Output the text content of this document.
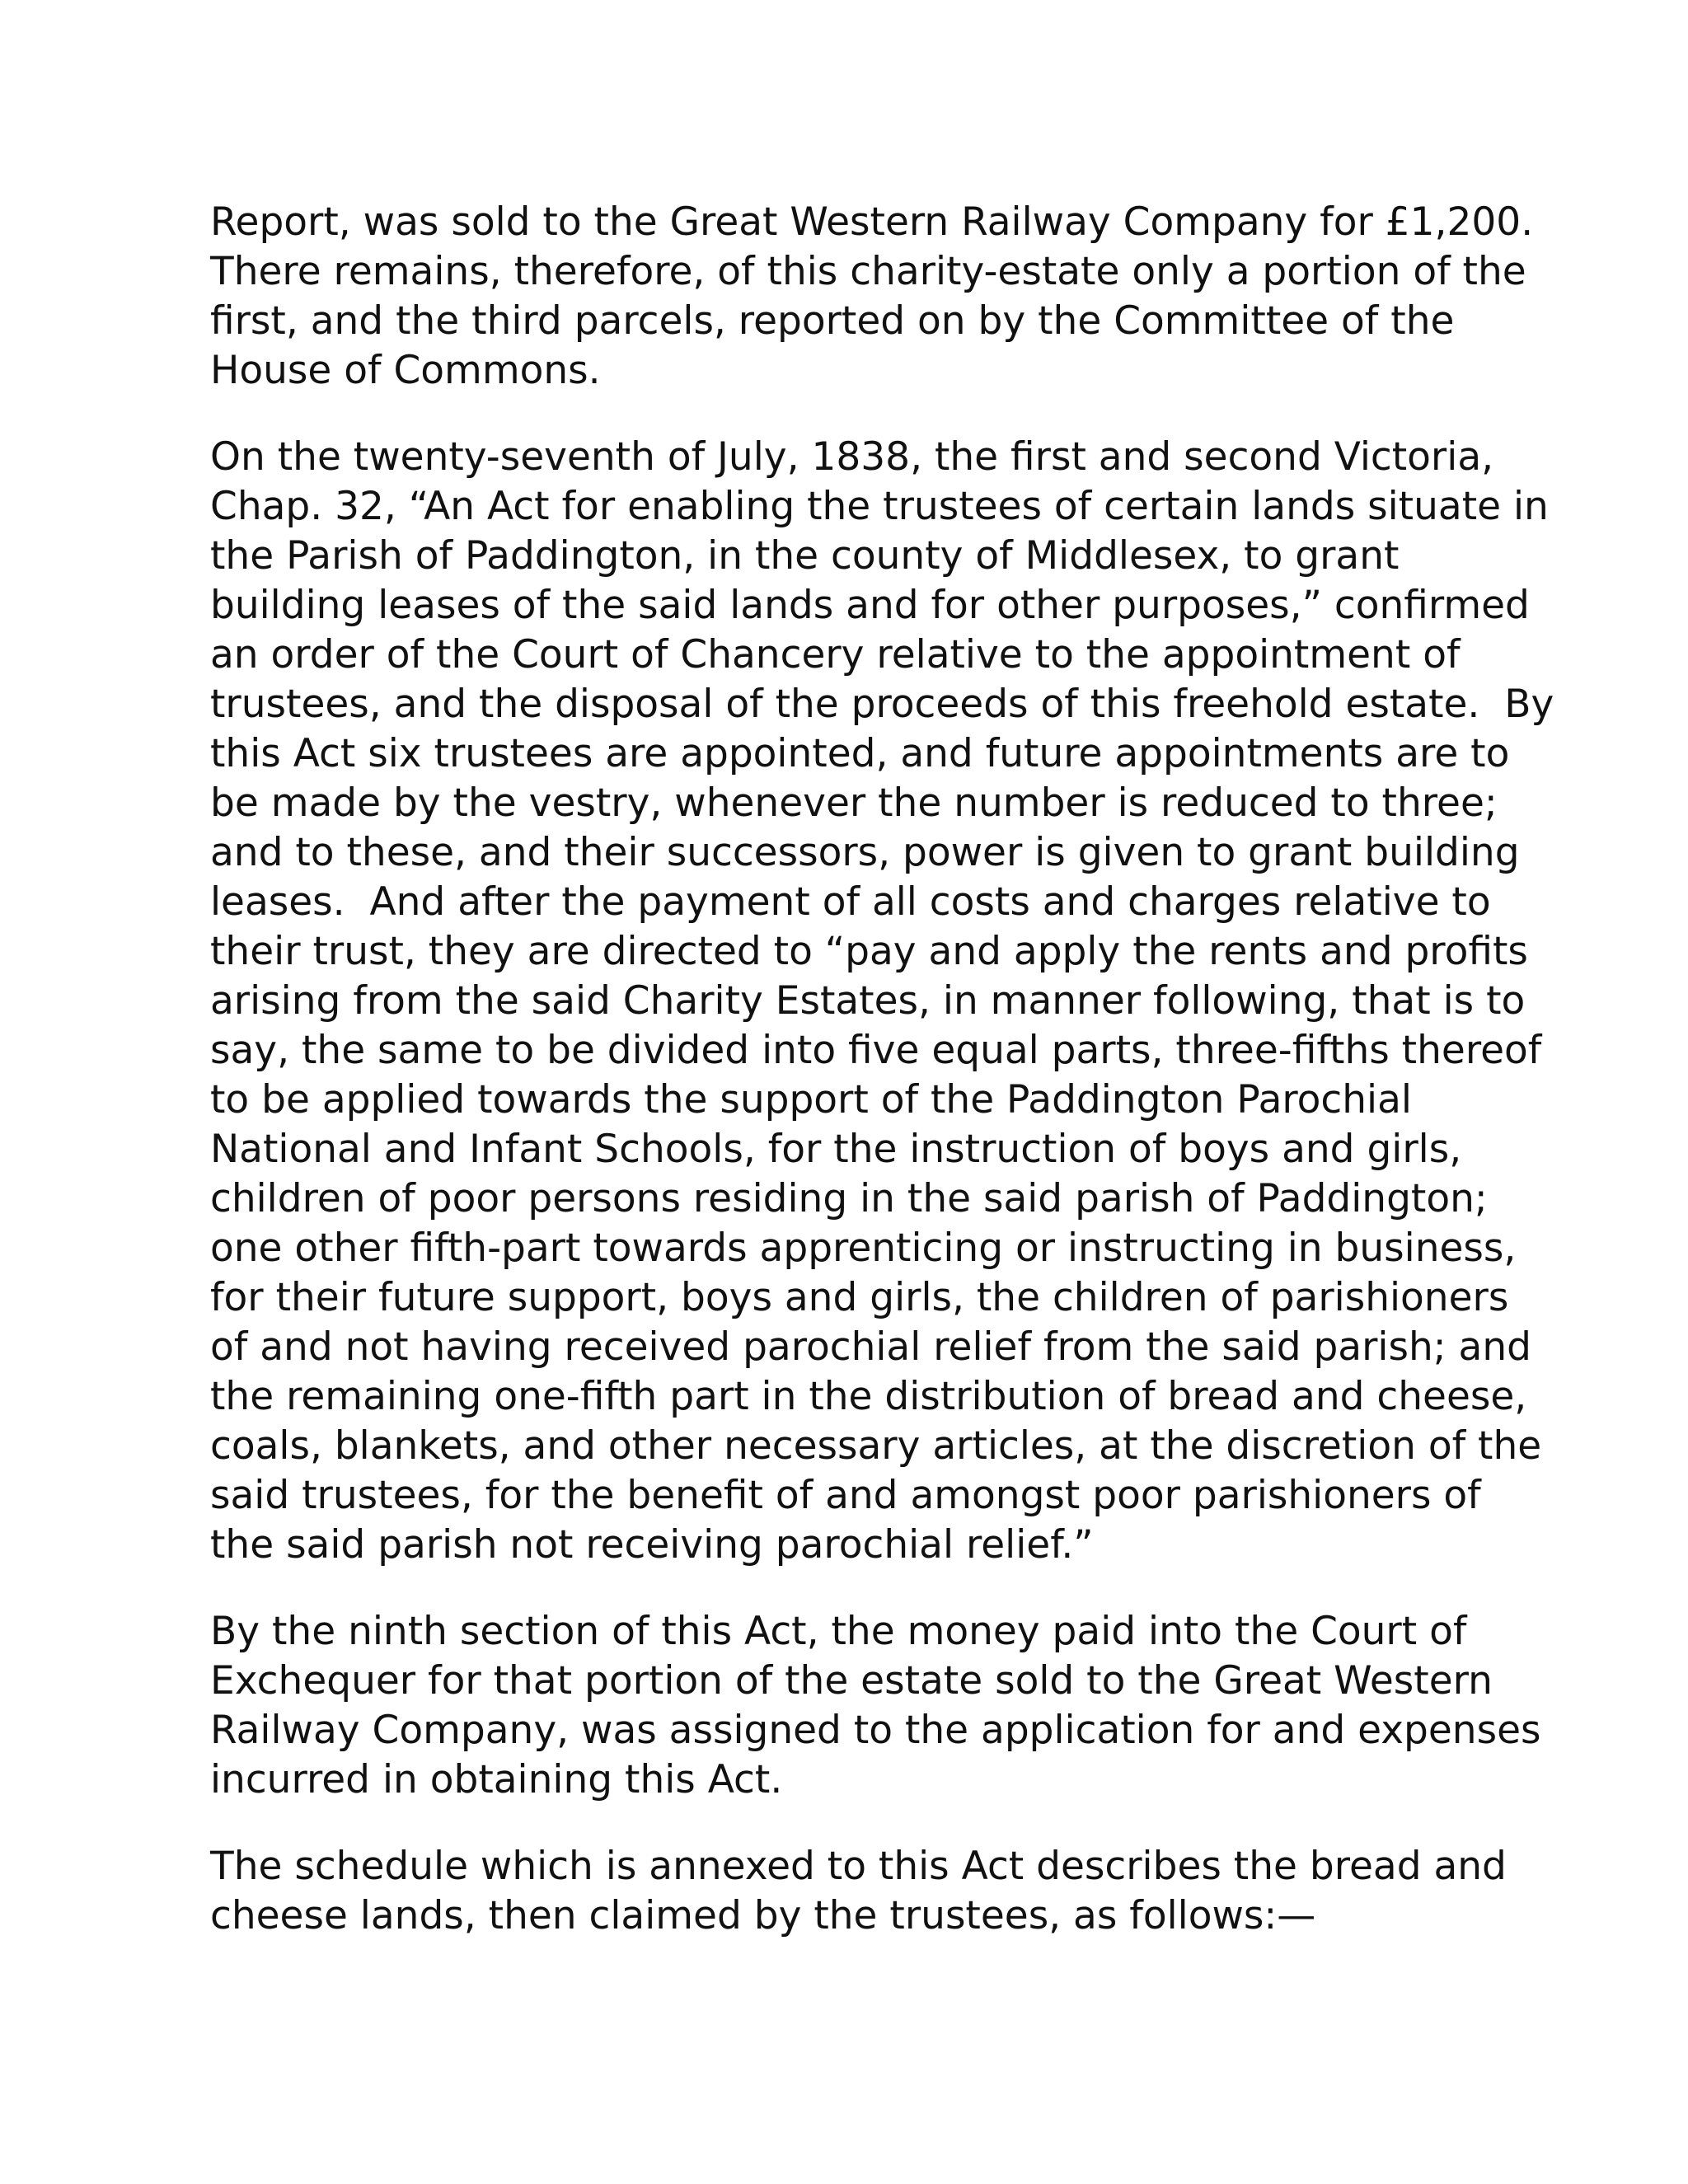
Report, was sold to the Great Western Railway Company for £1,200.
There remains, therefore, of this charity-estate only a portion of the
first, and the third parcels, reported on by the Committee of the
House of Commons.

On the twenty-seventh of July, 1838, the first and second Victoria,
Chap. 32, “An Act for enabling the trustees of certain lands situate in
the Parish of Paddington, in the county of Middlesex, to grant
building leases of the said lands and for other purposes,” confirmed
an order of the Court of Chancery relative to the appointment of
trustees, and the disposal of the proceeds of this freehold estate.  By
this Act six trustees are appointed, and future appointments are to
be made by the vestry, whenever the number is reduced to three;
and to these, and their successors, power is given to grant building
leases.  And after the payment of all costs and charges relative to
their trust, they are directed to “pay and apply the rents and profits
arising from the said Charity Estates, in manner following, that is to
say, the same to be divided into five equal parts, three-fifths thereof
to be applied towards the support of the Paddington Parochial
National and Infant Schools, for the instruction of boys and girls,
children of poor persons residing in the said parish of Paddington;
one other fifth-part towards apprenticing or instructing in business,
for their future support, boys and girls, the children of parishioners
of and not having received parochial relief from the said parish; and
the remaining one-fifth part in the distribution of bread and cheese,
coals, blankets, and other necessary articles, at the discretion of the
said trustees, for the benefit of and amongst poor parishioners of
the said parish not receiving parochial relief.”

By the ninth section of this Act, the money paid into the Court of
Exchequer for that portion of the estate sold to the Great Western
Railway Company, was assigned to the application for and expenses
incurred in obtaining this Act.

The schedule which is annexed to this Act describes the bread and
cheese lands, then claimed by the trustees, as follows:—
